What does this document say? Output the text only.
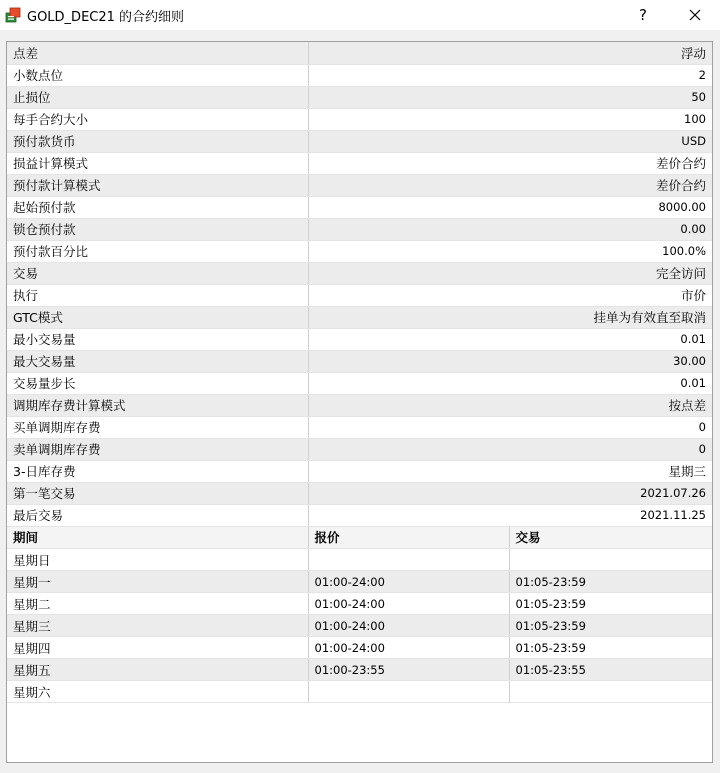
GOLD_DEC21 的合约细则	?
点差	浮动
小数点位	2
止损位	50
每手合约大小	100
预付款货币	USD
损益计算模式	差价合约
预付款计算模式	差价合约
起始预付款	8000.00
锁仓预付款	0.00
预付款百分比	100.0%
交易	完全访问
执行	市价
GTC模式	挂单为有效直至取消
最小交易量	0.01
最大交易量	30.00
交易量步长	0.01
调期库存费计算模式	按点差
买单调期库存费	0
卖单调期库存费	0
3-日库存费	星期三
第一笔交易	2021.07.26
最后交易	2021.11.25
期间	报价	交易
星期日		
星期一	01:00-24:00	01:05-23:59
星期二	01:00-24:00	01:05-23:59
星期三	01:00-24:00	01:05-23:59
星期四	01:00-24:00	01:05-23:59
星期五	01:00-23:55	01:05-23:55
星期六		
